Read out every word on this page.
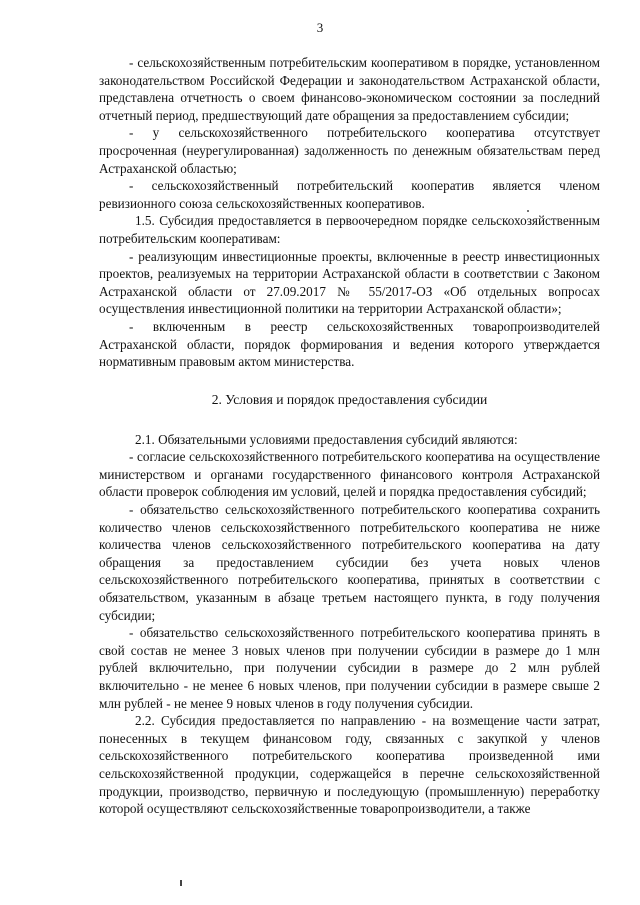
3

- сельскохозяйственным потребительским кооперативом в порядке, установленном законодательством Российской Федерации и законодательством Астраханской области, представлена отчетность о своем финансово-экономическом состоянии за последний отчетный период, предшествующий дате обращения за предоставлением субсидии;

- у сельскохозяйственного потребительского кооператива отсутствует просроченная (неурегулированная) задолженность по денежным обязательствам перед Астраханской областью;

- сельскохозяйственный потребительский кооператив является членом ревизионного союза сельскохозяйственных кооперативов.

1.5. Субсидия предоставляется в первоочередном порядке сельскохозяйственным потребительским кооперативам:

- реализующим инвестиционные проекты, включенные в реестр инвестиционных проектов, реализуемых на территории Астраханской области в соответствии с Законом Астраханской области от 27.09.2017 № 55/2017-ОЗ «Об отдельных вопросах осуществления инвестиционной политики на территории Астраханской области»;

- включенным в реестр сельскохозяйственных товаропроизводителей Астраханской области, порядок формирования и ведения которого утверждается нормативным правовым актом министерства.

2. Условия и порядок предоставления субсидии

2.1. Обязательными условиями предоставления субсидий являются:

- согласие сельскохозяйственного потребительского кооператива на осуществление министерством и органами государственного финансового контроля Астраханской области проверок соблюдения им условий, целей и порядка предоставления субсидий;

- обязательство сельскохозяйственного потребительского кооператива сохранить количество членов сельскохозяйственного потребительского кооператива не ниже количества членов сельскохозяйственного потребительского кооператива на дату обращения за предоставлением субсидии без учета новых членов сельскохозяйственного потребительского кооператива, принятых в соответствии с обязательством, указанным в абзаце третьем настоящего пункта, в году получения субсидии;

- обязательство сельскохозяйственного потребительского кооператива принять в свой состав не менее 3 новых членов при получении субсидии в размере до 1 млн рублей включительно, при получении субсидии в размере до 2 млн рублей включительно - не менее 6 новых членов, при получении субсидии в размере свыше 2 млн рублей - не менее 9 новых членов в году получения субсидии.

2.2. Субсидия предоставляется по направлению - на возмещение части затрат, понесенных в текущем финансовом году, связанных с закупкой у членов сельскохозяйственного потребительского кооператива произведенной ими сельскохозяйственной продукции, содержащейся в перечне сельскохозяйственной продукции, производство, первичную и последующую (промышленную) переработку которой осуществляют сельскохозяйственные товаропроизводители, а также
